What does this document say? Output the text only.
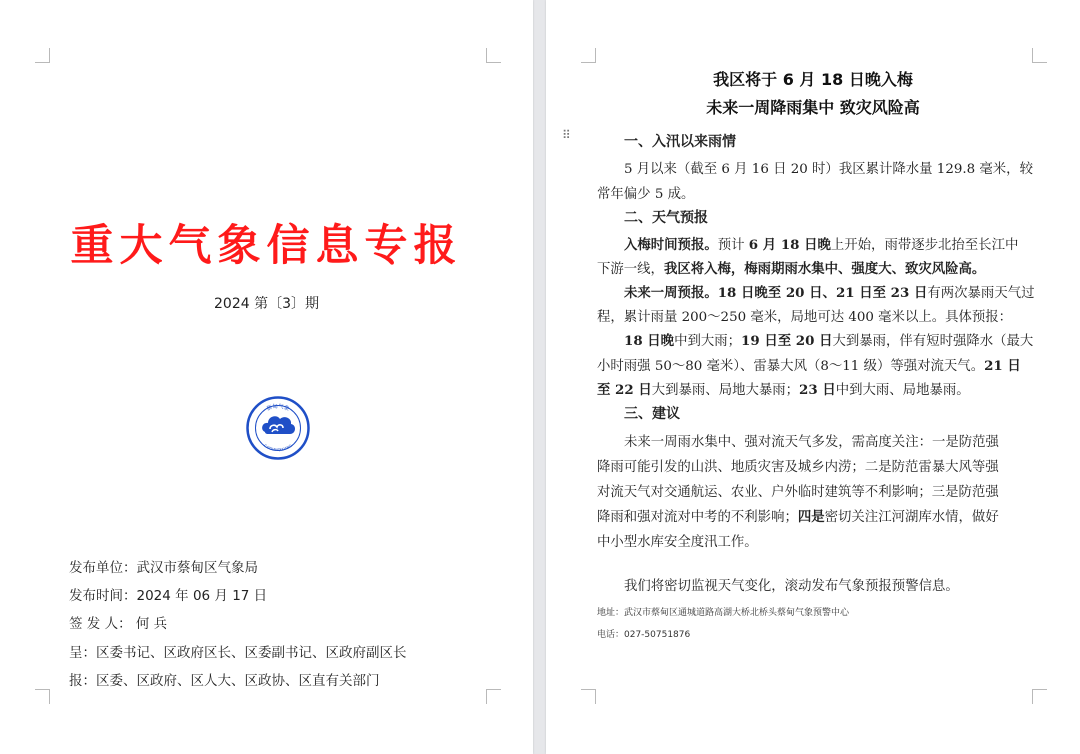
重大气象信息专报
2024 第〔3〕期
蔡甸气象
CAIDIANQIXIANG
发布单位：武汉市蔡甸区气象局
发布时间：2024 年 06 月 17 日
签 发 人： 何 兵
呈：区委书记、区政府区长、区委副书记、区政府副区长
报：区委、区政府、区人大、区政协、区直有关部门
我区将于 6 月 18 日晚入梅
未来一周降雨集中 致灾风险高
⠿	一、入汛以来雨情
5 月以来（截至 6 月 16 日 20 时）我区累计降水量 129.8 毫米，较
常年偏少 5 成。
二、天气预报
入梅时间预报。预计 6 月 18 日晚上开始，雨带逐步北抬至长江中
下游一线，我区将入梅，梅雨期雨水集中、强度大、致灾风险高。
未来一周预报。18 日晚至 20 日、21 日至 23 日有两次暴雨天气过
程，累计雨量 200～250 毫米，局地可达 400 毫米以上。具体预报：
18 日晚中到大雨；19 日至 20 日大到暴雨，伴有短时强降水（最大
小时雨强 50～80 毫米）、雷暴大风（8～11 级）等强对流天气。21 日
至 22 日大到暴雨、局地大暴雨；23 日中到大雨、局地暴雨。
三、建议
未来一周雨水集中、强对流天气多发，需高度关注：一是防范强
降雨可能引发的山洪、地质灾害及城乡内涝；二是防范雷暴大风等强
对流天气对交通航运、农业、户外临时建筑等不利影响；三是防范强
降雨和强对流对中考的不利影响；四是密切关注江河湖库水情，做好
中小型水库安全度汛工作。
我们将密切监视天气变化，滚动发布气象预报预警信息。
地址：武汉市蔡甸区通城道路高湖大桥北桥头蔡甸气象预警中心
电话：027-50751876
